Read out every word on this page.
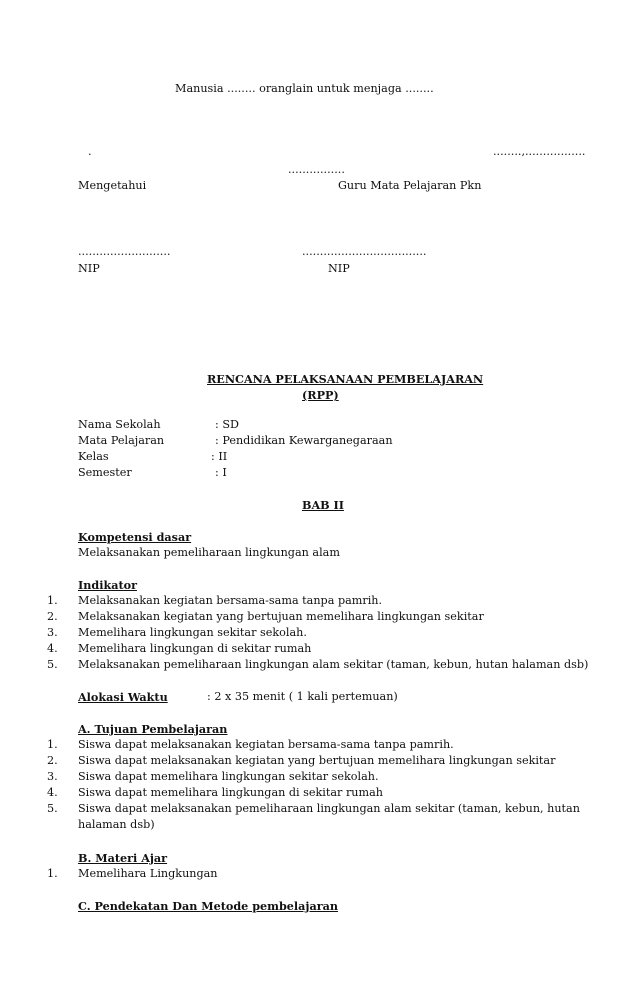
Manusia ........ oranglain untuk menjaga ........
.	........,.................
................
Mengetahui	Guru Mata Pelajaran Pkn
..........................	...................................
NIP	NIP
RENCANA PELAKSANAAN PEMBELAJARAN
(RPP)
Nama Sekolah	: SD
Mata Pelajaran	: Pendidikan Kewarganegaraan
Kelas	: II
Semester	: I
BAB II
Kompetensi dasar
Melaksanakan pemeliharaan lingkungan alam
Indikator
1. Melaksanakan kegiatan bersama-sama tanpa pamrih.
2. Melaksanakan kegiatan yang bertujuan memelihara lingkungan sekitar
3. Memelihara lingkungan sekitar sekolah.
4. Memelihara lingkungan di sekitar rumah
5. Melaksanakan pemeliharaan lingkungan alam sekitar (taman, kebun, hutan halaman dsb)
Alokasi Waktu	: 2 x 35 menit ( 1 kali pertemuan)
A. Tujuan Pembelajaran
1. Siswa dapat melaksanakan kegiatan bersama-sama tanpa pamrih.
2. Siswa dapat melaksanakan kegiatan yang bertujuan memelihara lingkungan sekitar
3. Siswa dapat memelihara lingkungan sekitar sekolah.
4. Siswa dapat memelihara lingkungan di sekitar rumah
5. Siswa dapat melaksanakan pemeliharaan lingkungan alam sekitar (taman, kebun, hutan
halaman dsb)
B. Materi Ajar
1. Memelihara Lingkungan
C. Pendekatan Dan Metode pembelajaran
